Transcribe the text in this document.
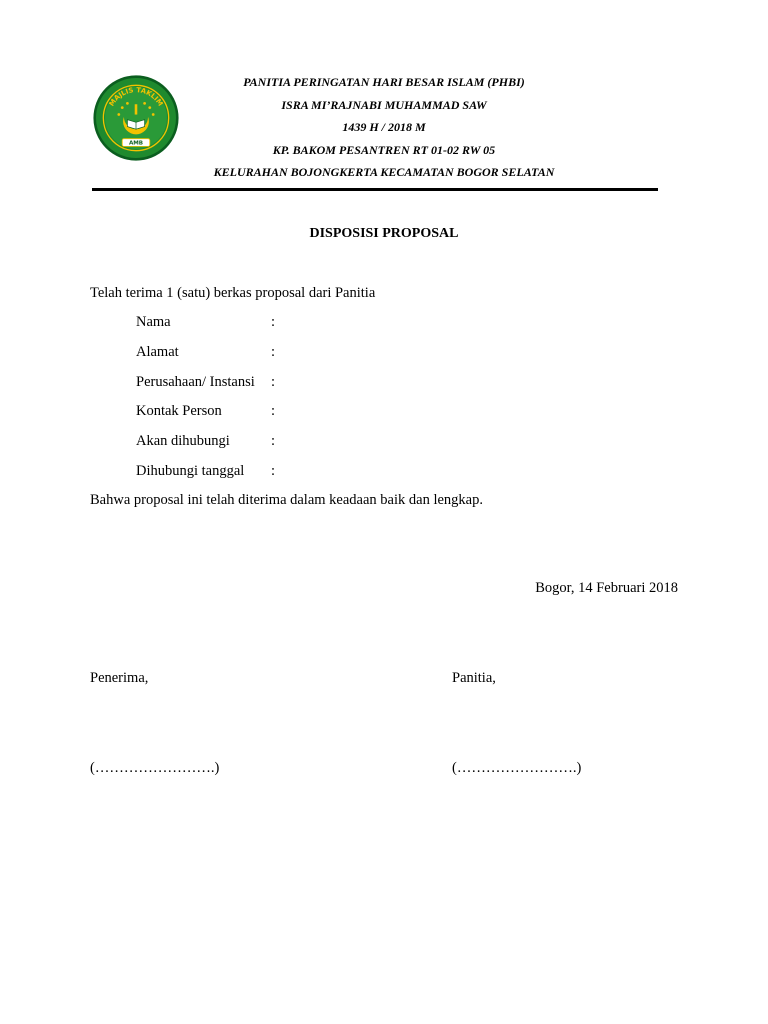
MAJLIS TAKLIM
AMB
PANITIA PERINGATAN HARI BESAR ISLAM (PHBI)
ISRA MI’RAJNABI MUHAMMAD SAW
1439 H / 2018 M
KP. BAKOM PESANTREN RT 01-02 RW 05
KELURAHAN BOJONGKERTA KECAMATAN BOGOR SELATAN
DISPOSISI PROPOSAL
Telah terima 1 (satu) berkas proposal dari Panitia
Nama	:
Alamat	:
Perusahaan/ Instansi :
Kontak Person	:
Akan dihubungi	:
Dihubungi tanggal :
Bahwa proposal ini telah diterima dalam keadaan baik dan lengkap.
Bogor, 14 Februari 2018
Penerima,	Panitia,
(…………………….)	(…………………….)
